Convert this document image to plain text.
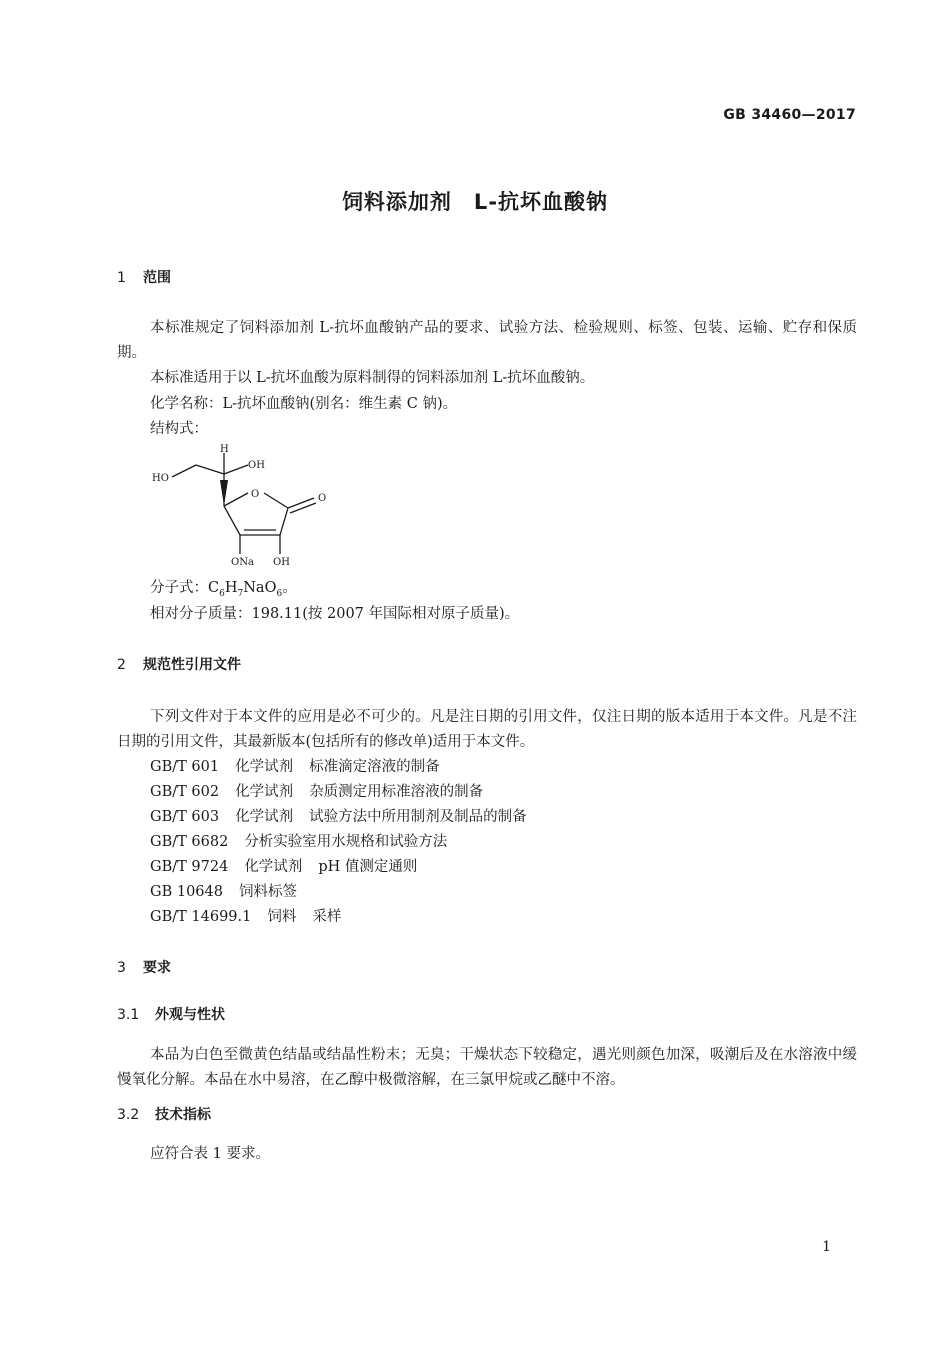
GB 34460—2017
饲料添加剂　L-抗坏血酸钠
1 范围
本标准规定了饲料添加剂 L-抗坏血酸钠产品的要求、试验方法、检验规则、标签、包装、运输、贮存和保质期。
本标准适用于以 L-抗坏血酸为原料制得的饲料添加剂 L-抗坏血酸钠。
化学名称：L-抗坏血酸钠(别名：维生素 C 钠)。
结构式：
H
OH
HO
O	O
ONa OH
分子式：$C_6H_7NaO_6$。
相对分子质量：198.11(按 2007 年国际相对原子质量)。
2 规范性引用文件
下列文件对于本文件的应用是必不可少的。凡是注日期的引用文件，仅注日期的版本适用于本文件。凡是不注日期的引用文件，其最新版本(包括所有的修改单)适用于本文件。
GB/T 601 化学试剂 标准滴定溶液的制备
GB/T 602 化学试剂 杂质测定用标准溶液的制备
GB/T 603 化学试剂 试验方法中所用制剂及制品的制备
GB/T 6682 分析实验室用水规格和试验方法
GB/T 9724 化学试剂 pH 值测定通则
GB 10648 饲料标签
GB/T 14699.1 饲料 采样
3 要求
3.1 外观与性状
本品为白色至微黄色结晶或结晶性粉末；无臭；干燥状态下较稳定，遇光则颜色加深，吸潮后及在水溶液中缓慢氧化分解。本品在水中易溶，在乙醇中极微溶解，在三氯甲烷或乙醚中不溶。
3.2 技术指标
应符合表 1 要求。
1
